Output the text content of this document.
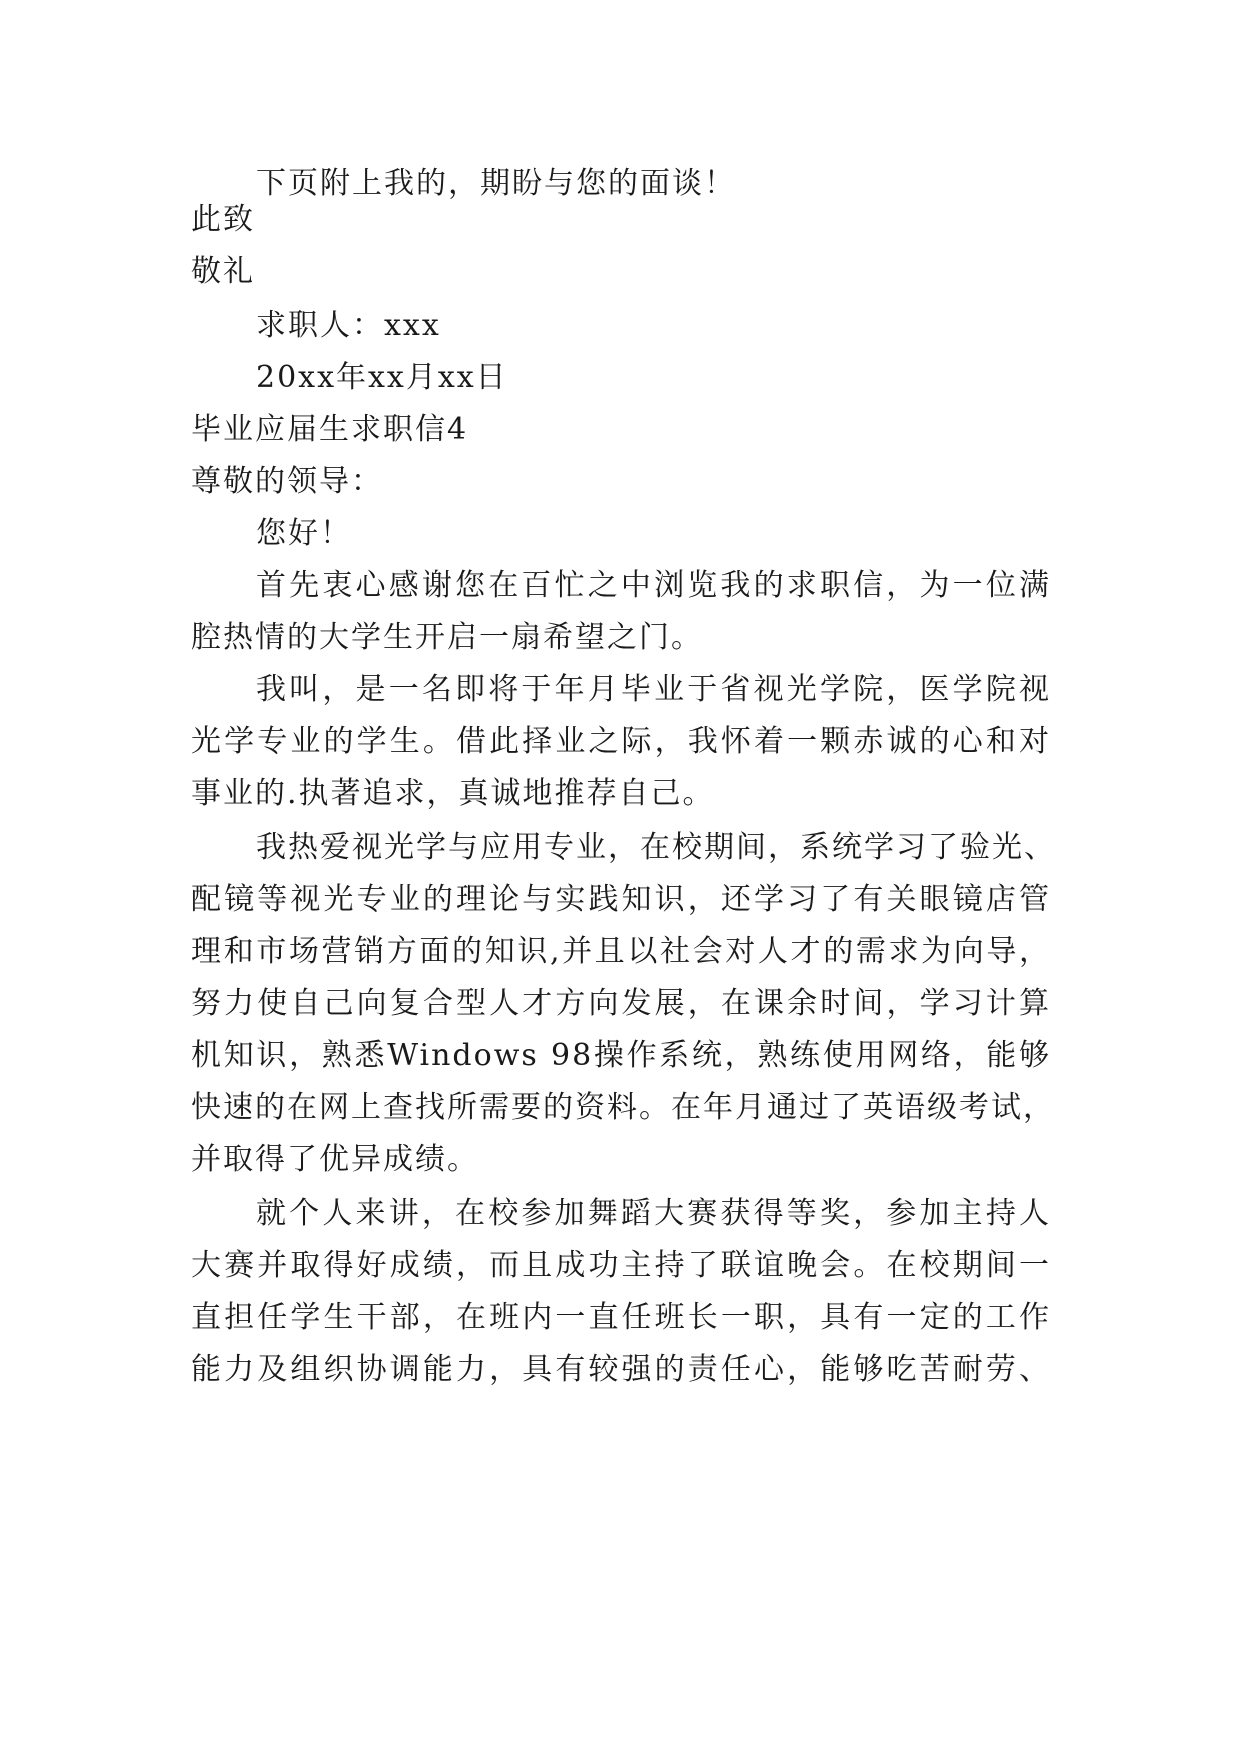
下页附上我的，期盼与您的面谈！
此致
敬礼
求职人：xxx
20xx年xx月xx日
毕业应届生求职信4
尊敬的领导：
您好！
首先衷心感谢您在百忙之中浏览我的求职信，为一位满
腔热情的大学生开启一扇希望之门。
我叫，是一名即将于年月毕业于省视光学院，医学院视
光学专业的学生。借此择业之际，我怀着一颗赤诚的心和对
事业的.执著追求，真诚地推荐自己。
我热爱视光学与应用专业，在校期间，系统学习了验光、
配镜等视光专业的理论与实践知识，还学习了有关眼镜店管
理和市场营销方面的知识,并且以社会对人才的需求为向导，
努力使自己向复合型人才方向发展，在课余时间，学习计算
机知识，熟悉Windows 98操作系统，熟练使用网络，能够
快速的在网上查找所需要的资料。在年月通过了英语级考试，
并取得了优异成绩。
就个人来讲，在校参加舞蹈大赛获得等奖，参加主持人
大赛并取得好成绩，而且成功主持了联谊晚会。在校期间一
直担任学生干部，在班内一直任班长一职，具有一定的工作
能力及组织协调能力，具有较强的责任心，能够吃苦耐劳、
